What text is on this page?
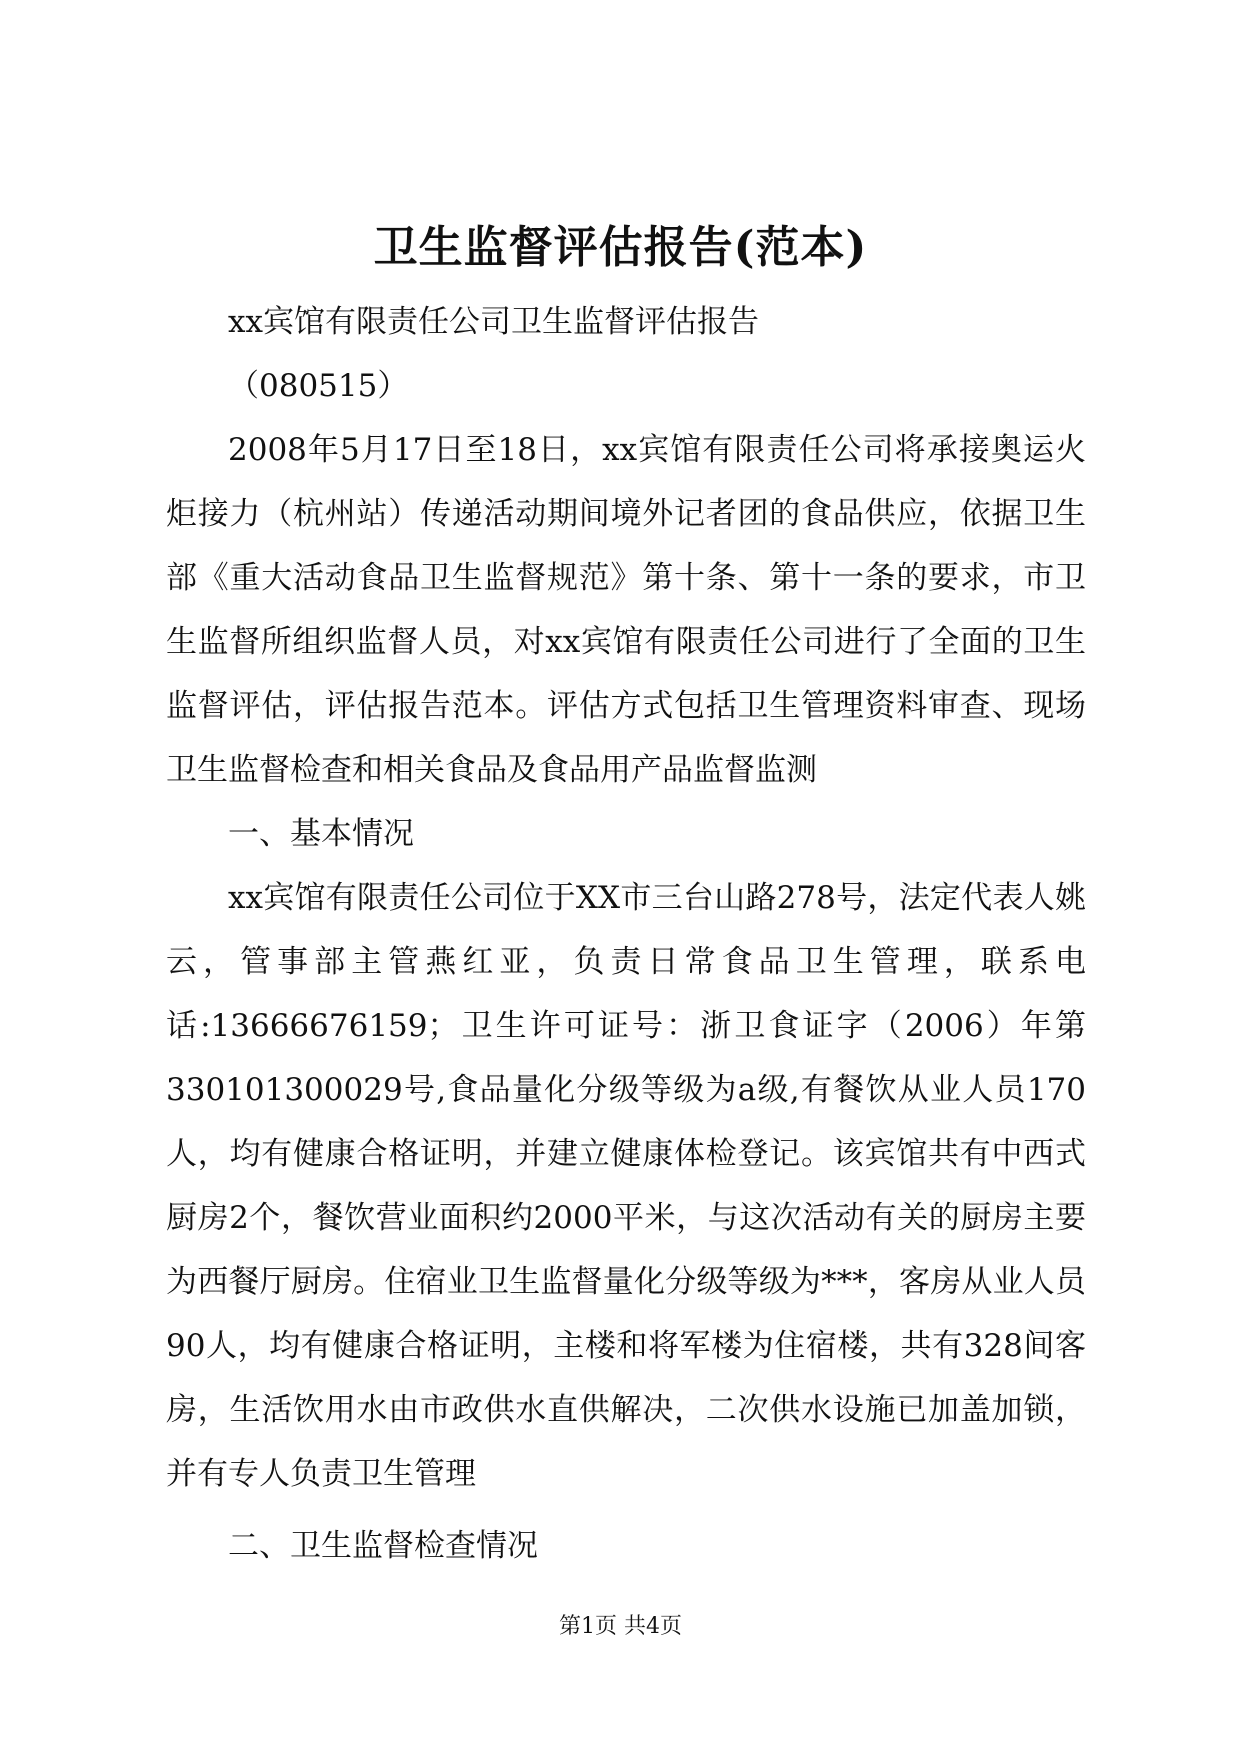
卫生监督评估报告(范本)

xx宾馆有限责任公司卫生监督评估报告

（080515）

2008年5月17日至18日，xx宾馆有限责任公司将承接奥运火炬接力（杭州站）传递活动期间境外记者团的食品供应，依据卫生部《重大活动食品卫生监督规范》第十条、第十一条的要求，市卫生监督所组织监督人员，对xx宾馆有限责任公司进行了全面的卫生监督评估，评估报告范本。评估方式包括卫生管理资料审查、现场卫生监督检查和相关食品及食品用产品监督监测

一、基本情况

xx宾馆有限责任公司位于XX市三台山路278号，法定代表人姚云，管事部主管燕红亚，负责日常食品卫生管理，联系电话:13666676159；卫生许可证号：浙卫食证字（2006）年第330101300029号,食品量化分级等级为a级,有餐饮从业人员170人，均有健康合格证明，并建立健康体检登记。该宾馆共有中西式厨房2个，餐饮营业面积约2000平米，与这次活动有关的厨房主要为西餐厅厨房。住宿业卫生监督量化分级等级为***，客房从业人员90人，均有健康合格证明，主楼和将军楼为住宿楼，共有328间客房，生活饮用水由市政供水直供解决，二次供水设施已加盖加锁，并有专人负责卫生管理

二、卫生监督检查情况

第1页 共4页
